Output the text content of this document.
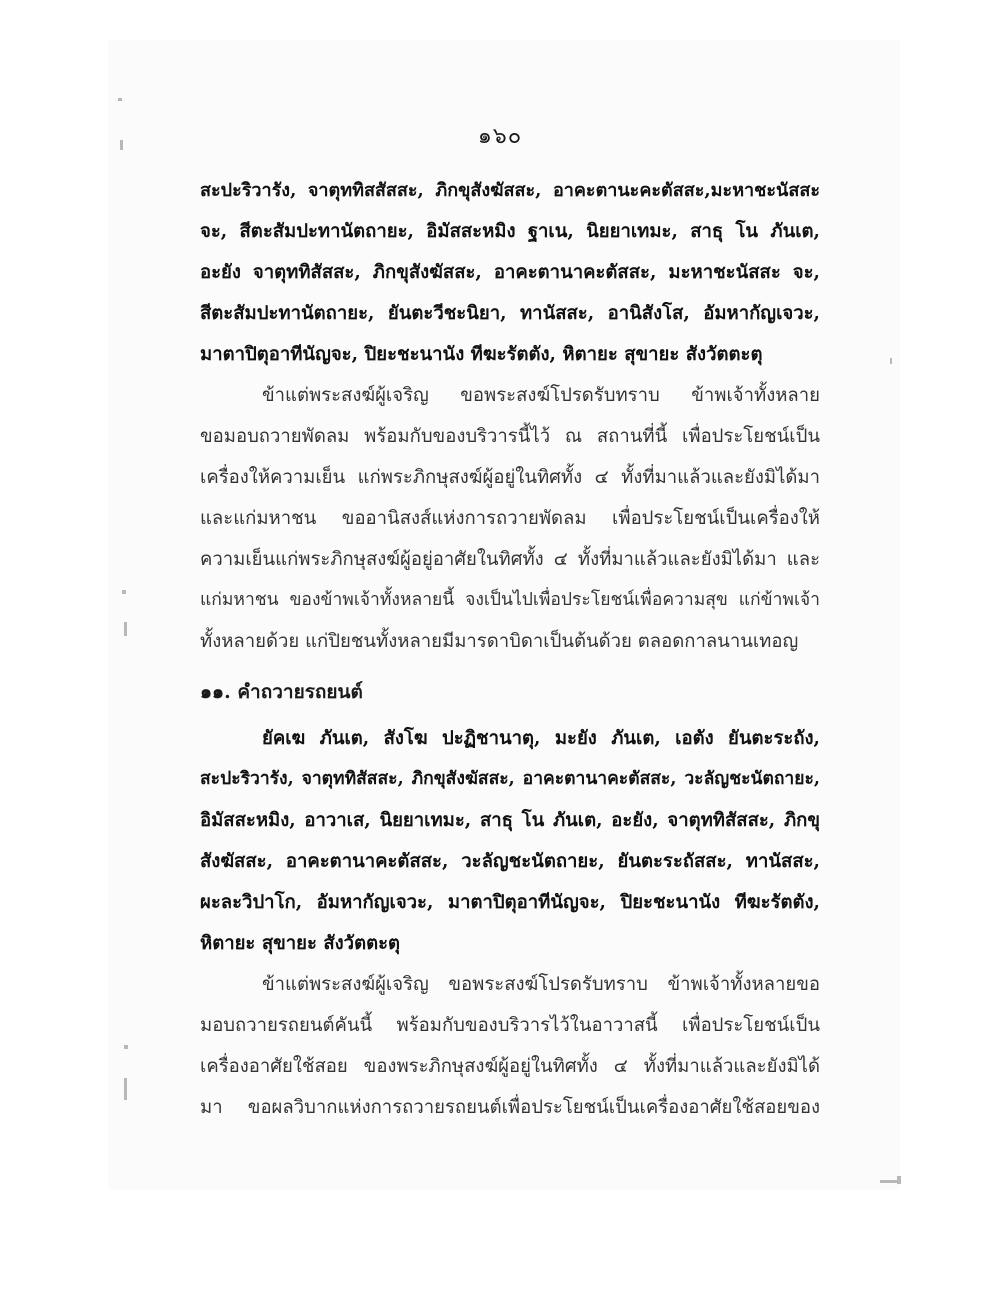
๑๖๐
สะปะริวารัง, จาตุททิสสัสสะ, ภิกขุสังฆัสสะ, อาคะตานะคะตัสสะ,มะหาชะนัสสะ
จะ, สีตะสัมปะทานัตถายะ, อิมัสสะหมิง ฐาเน, นิยยาเทมะ, สาธุ โน ภันเต,
อะยัง จาตุททิสัสสะ, ภิกขุสังฆัสสะ, อาคะตานาคะตัสสะ, มะหาชะนัสสะ จะ,
สีตะสัมปะทานัตถายะ, ยันตะวีชะนิยา, ทานัสสะ, อานิสังโส, อัมหากัญเจวะ,
มาตาปิตุอาทีนัญจะ, ปิยะชะนานัง ทีฆะรัตตัง, หิตายะ สุขายะ สังวัตตะตุ
ข้าแต่พระสงฆ์ผู้เจริญ ขอพระสงฆ์โปรดรับทราบ ข้าพเจ้าทั้งหลาย
ขอมอบถวายพัดลม พร้อมกับของบริวารนี้ไว้ ณ สถานที่นี้ เพื่อประโยชน์เป็น
เครื่องให้ความเย็น แก่พระภิกษุสงฆ์ผู้อยู่ในทิศทั้ง ๔ ทั้งที่มาแล้วและยังมิได้มา
และแก่มหาชน ขออานิสงส์แห่งการถวายพัดลม เพื่อประโยชน์เป็นเครื่องให้
ความเย็นแก่พระภิกษุสงฆ์ผู้อยู่อาศัยในทิศทั้ง ๔ ทั้งที่มาแล้วและยังมิได้มา และ
แก่มหาชน ของข้าพเจ้าทั้งหลายนี้ จงเป็นไปเพื่อประโยชน์เพื่อความสุข แก่ข้าพเจ้า
ทั้งหลายด้วย แก่ปิยชนทั้งหลายมีมารดาบิดาเป็นต้นด้วย ตลอดกาลนานเทอญ
๑๑. คำถวายรถยนต์
ยัคเฆ ภันเต, สังโฆ ปะฏิชานาตุ, มะยัง ภันเต, เอตัง ยันตะระถัง,
สะปะริวารัง, จาตุททิสัสสะ, ภิกขุสังฆัสสะ, อาคะตานาคะตัสสะ, วะลัญชะนัตถายะ,
อิมัสสะหมิง, อาวาเส, นิยยาเทมะ, สาธุ โน ภันเต, อะยัง, จาตุททิสัสสะ, ภิกขุ
สังฆัสสะ, อาคะตานาคะตัสสะ, วะลัญชะนัตถายะ, ยันตะระถัสสะ, ทานัสสะ,
ผะละวิปาโก, อัมหากัญเจวะ, มาตาปิตุอาทีนัญจะ, ปิยะชะนานัง ทีฆะรัตตัง,
หิตายะ สุขายะ สังวัตตะตุ
ข้าแต่พระสงฆ์ผู้เจริญ ขอพระสงฆ์โปรดรับทราบ ข้าพเจ้าทั้งหลายขอ
มอบถวายรถยนต์คันนี้ พร้อมกับของบริวารไว้ในอาวาสนี้ เพื่อประโยชน์เป็น
เครื่องอาศัยใช้สอย ของพระภิกษุสงฆ์ผู้อยู่ในทิศทั้ง ๔ ทั้งที่มาแล้วและยังมิได้
มา ขอผลวิบากแห่งการถวายรถยนต์เพื่อประโยชน์เป็นเครื่องอาศัยใช้สอยของ
